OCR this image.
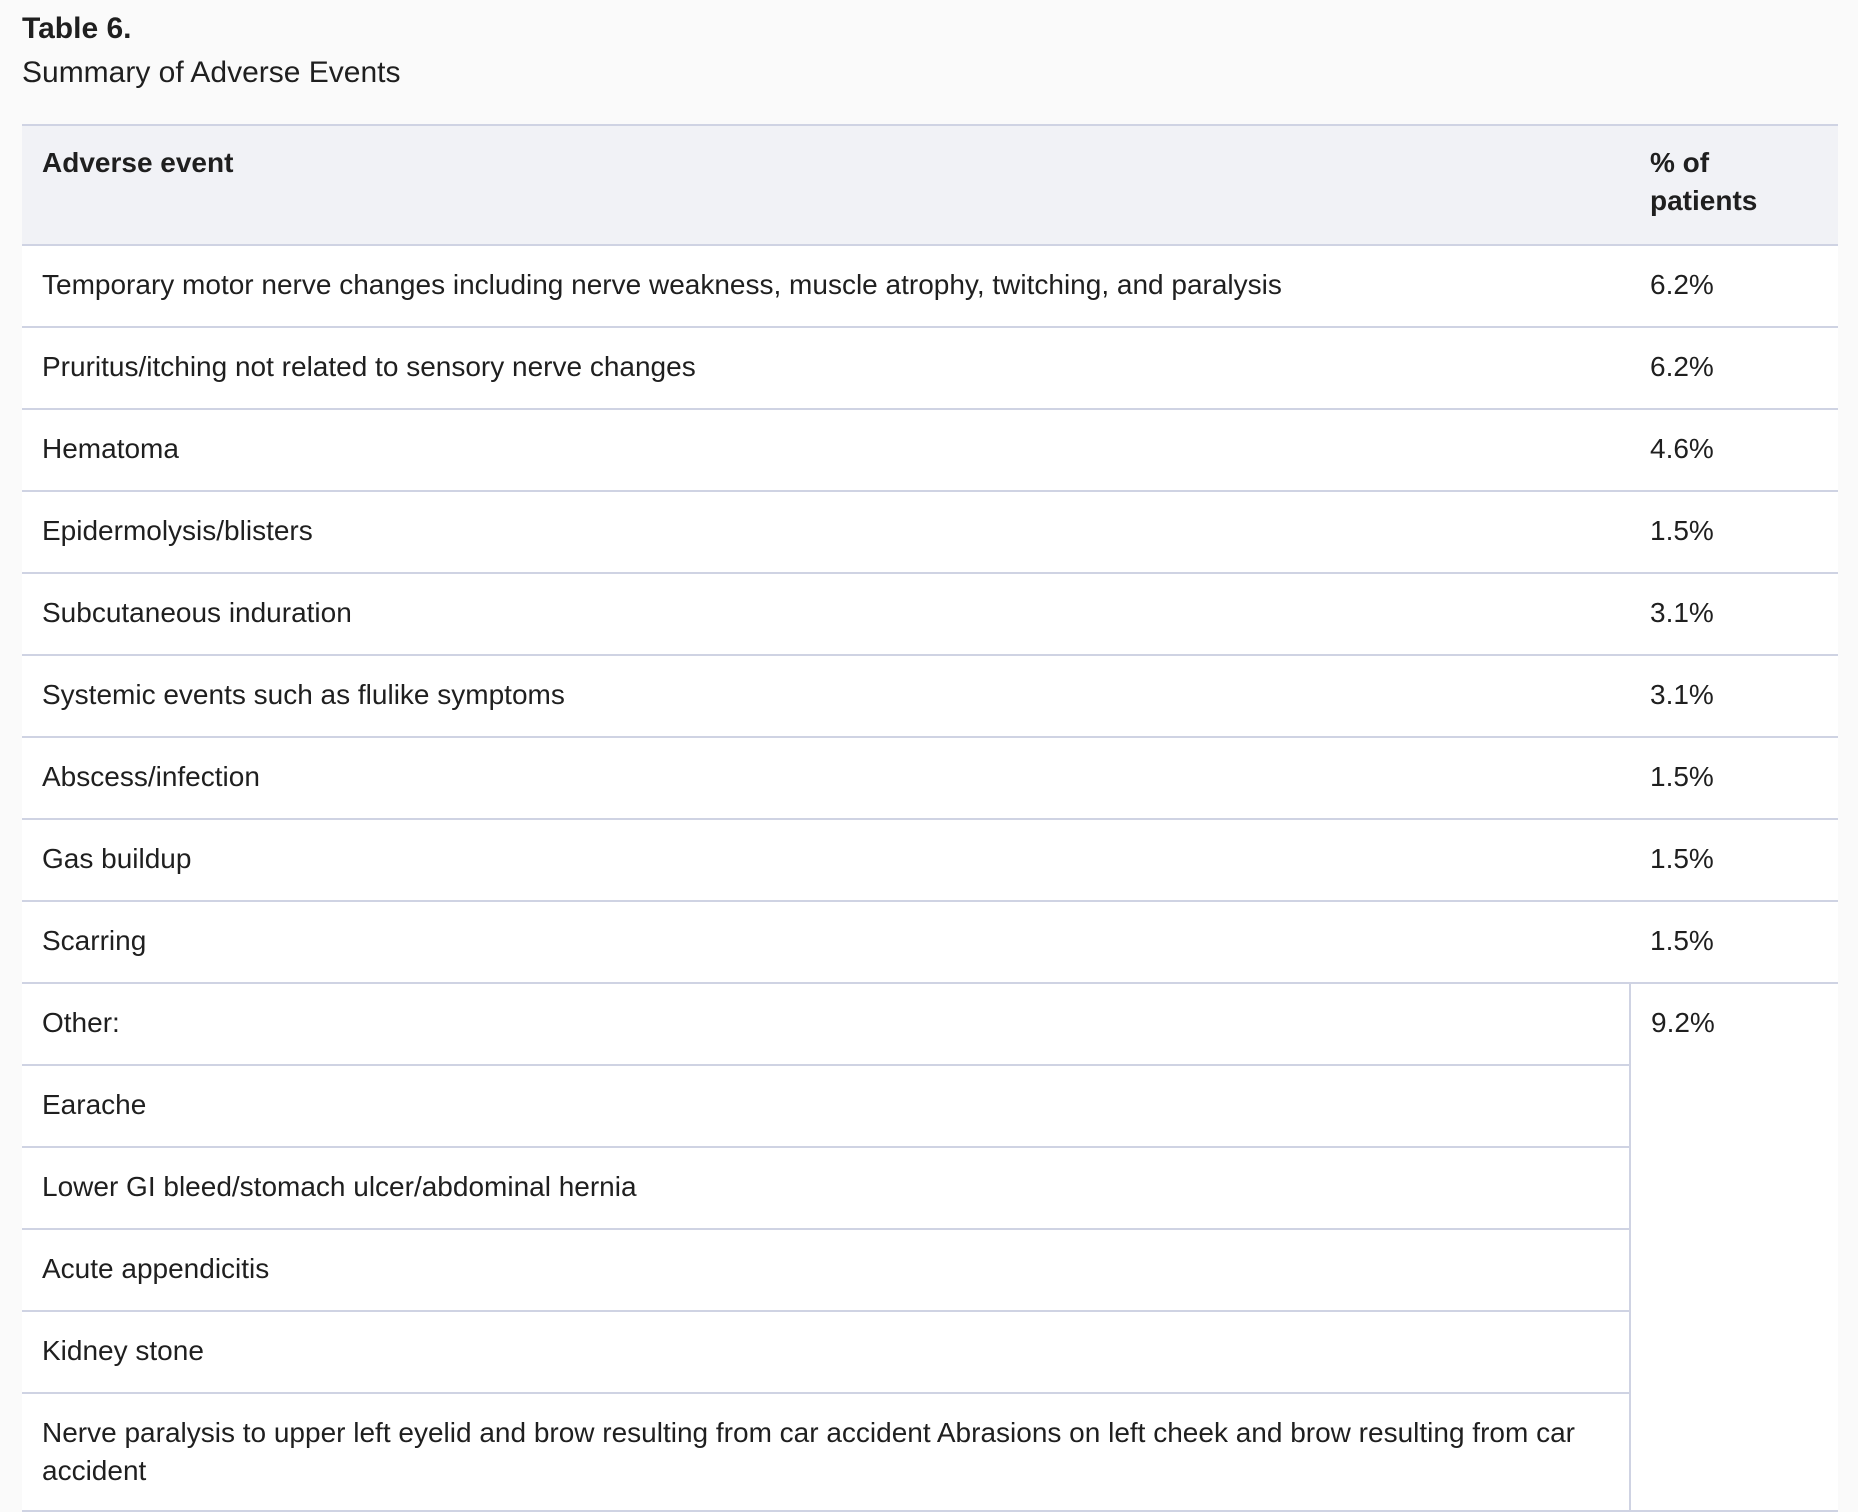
Table 6.
Summary of Adverse Events
Adverse event	% of patients
Temporary motor nerve changes including nerve weakness, muscle atrophy, twitching, and paralysis	6.2%
Pruritus/itching not related to sensory nerve changes	6.2%
Hematoma	4.6%
Epidermolysis/blisters	1.5%
Subcutaneous induration	3.1%
Systemic events such as flulike symptoms	3.1%
Abscess/infection	1.5%
Gas buildup	1.5%
Scarring	1.5%
Other:	9.2%
Earache	
Lower GI bleed/stomach ulcer/abdominal hernia	
Acute appendicitis	
Kidney stone	
Nerve paralysis to upper left eyelid and brow resulting from car accident Abrasions on left cheek and brow resulting from car accident	
